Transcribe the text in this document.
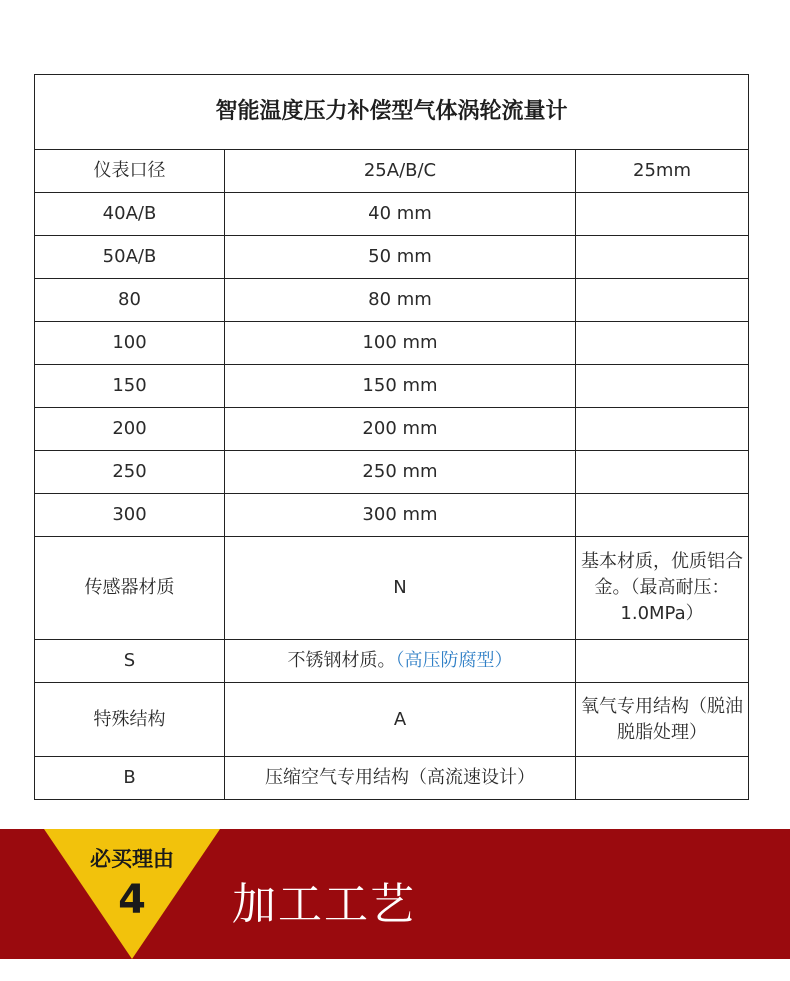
智能温度压力补偿型气体涡轮流量计		
仪表口径	25A/B/C	25mm
40A/B	40 mm	
50A/B	50 mm	
80	80 mm	
100	100 mm	
150	150 mm	
200	200 mm	
250	250 mm	
300	300 mm	
传感器材质	N	基本材质，优质铝合金。（最高耐压：1.0MPa）
S	不锈钢材质。（高压防腐型）	
特殊结构	A	氧气专用结构（脱油脱脂处理）
B	压缩空气专用结构（高流速设计）	
必买理由
4	加工工艺
